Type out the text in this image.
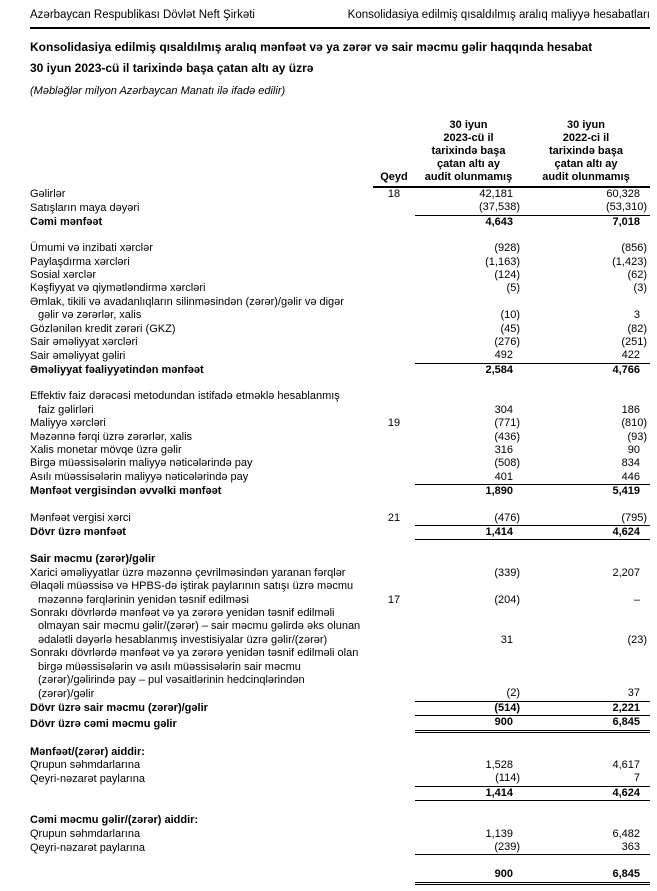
Azərbaycan Respublikası Dövlət Neft Şirkəti	Konsolidasiya edilmiş qısaldılmış aralıq maliyyə hesabatları
Konsolidasiya edilmiş qısaldılmış aralıq mənfəət və ya zərər və sair məcmu gəlir haqqında hesabat
30 iyun 2023-cü il tarixində başa çatan altı ay üzrə
(Məbləğlər milyon Azərbaycan Manatı ilə ifadə edilir)
	Qeyd	
30 iyun
2023-cü il
tarixində başa
çatan altı ay
audit olunmamış

30 iyun
2022-ci il
tarixində başa
çatan altı ay
audit olunmamış

Gəlirlər	18	42,181	60,328
Satışların maya dəyəri		(37,538)	(53,310)
Cəmi mənfəət		4,643	7,018

Ümumi və inzibati xərclər		(928)	(856)
Paylaşdırma xərcləri		(1,163)	(1,423)
Sosial xərclər		(124)	(62)
Kəşfiyyat və qiymətləndirmə xərcləri		(5)	(3)
Əmlak, tikili və avadanlıqların silinməsindən (zərər)/gəlir və digər			
gəlir və zərərlər, xalis		(10)	3
Gözlənilən kredit zərəri (GKZ)		(45)	(82)
Sair əməliyyat xərcləri		(276)	(251)
Sair əməliyyat gəliri		492	422
Əməliyyat fəaliyyətindən mənfəət		2,584	4,766

Effektiv faiz dərəcəsi metodundan istifadə etməklə hesablanmış			
faiz gəlirləri		304	186
Maliyyə xərcləri	19	(771)	(810)
Məzənnə fərqi üzrə zərərlər, xalis		(436)	(93)
Xalis monetar mövqe üzrə gəlir		316	90
Birgə müəssisələrin maliyyə nəticələrində pay		(508)	834
Asılı müəssisələrin maliyyə nəticələrində pay		401	446
Mənfəət vergisindən əvvəlki mənfəət		1,890	5,419

Mənfəət vergisi xərci	21	(476)	(795)
Dövr üzrə mənfəət		1,414	4,624

Sair məcmu (zərər)/gəlir			
Xarici əməliyyatlar üzrə məzənnə çevrilməsindən yaranan fərqlər		(339)	2,207
Əlaqəli müəssisə və HPBS-də iştirak paylarının satışı üzrə məcmu			
məzənnə fərqlərinin yenidən təsnif edilməsi	17	(204)	–
Sonrakı dövrlərdə mənfəət və ya zərərə yenidən təsnif edilməli			
olmayan sair məcmu gəlir/(zərər) – sair məcmu gəlirdə əks olunan			
ədalətli dəyərlə hesablanmış investisiyalar üzrə gəlir/(zərər)		31	(23)
Sonrakı dövrlərdə mənfəət və ya zərərə yenidən təsnif edilməli olan			
birgə müəssisələrin və asılı müəssisələrin sair məcmu			
(zərər)/gəlirində pay – pul vəsaitlərinin hedcinqlərindən			
(zərər)/gəlir		(2)	37
Dövr üzrə sair məcmu (zərər)/gəlir		(514)	2,221
Dövr üzrə cəmi məcmu gəlir		900	6,845

Mənfəət/(zərər) aiddir:			
Qrupun səhmdarlarına		1,528	4,617
Qeyri-nəzarət paylarına		(114)	7
		1,414	4,624

Cəmi məcmu gəlir/(zərər) aiddir:			
Qrupun səhmdarlarına		1,139	6,482
Qeyri-nəzarət paylarına		(239)	363

		900	6,845
